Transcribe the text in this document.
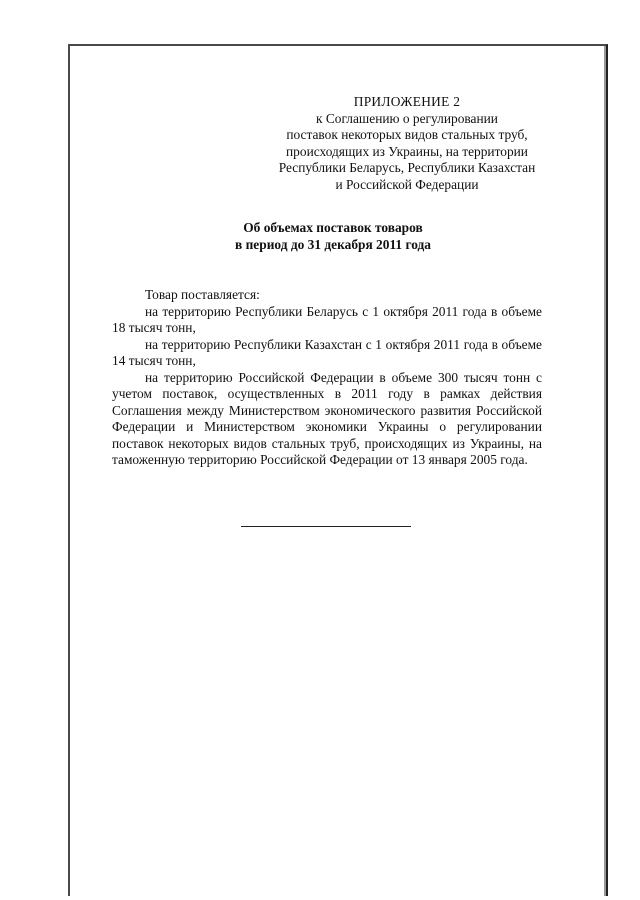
ПРИЛОЖЕНИЕ 2
к Соглашению о регулировании
поставок некоторых видов стальных труб,
происходящих из Украины, на территории
Республики Беларусь, Республики Казахстан
и Российской Федерации
Об объемах поставок товаров
в период до 31 декабря 2011 года

Товар поставляется:

на территорию Республики Беларусь с 1 октября 2011 года в объеме 18 тысяч тонн,

на территорию Республики Казахстан с 1 октября 2011 года в объеме 14 тысяч тонн,

на территорию Российской Федерации в объеме 300 тысяч тонн с учетом поставок, осуществленных в 2011 году в рамках действия Соглашения между Министерством экономического развития Российской Федерации и Министерством экономики Украины о регулировании поставок некоторых видов стальных труб, происходящих из Украины, на таможенную территорию Российской Федерации от 13 января 2005 года.
